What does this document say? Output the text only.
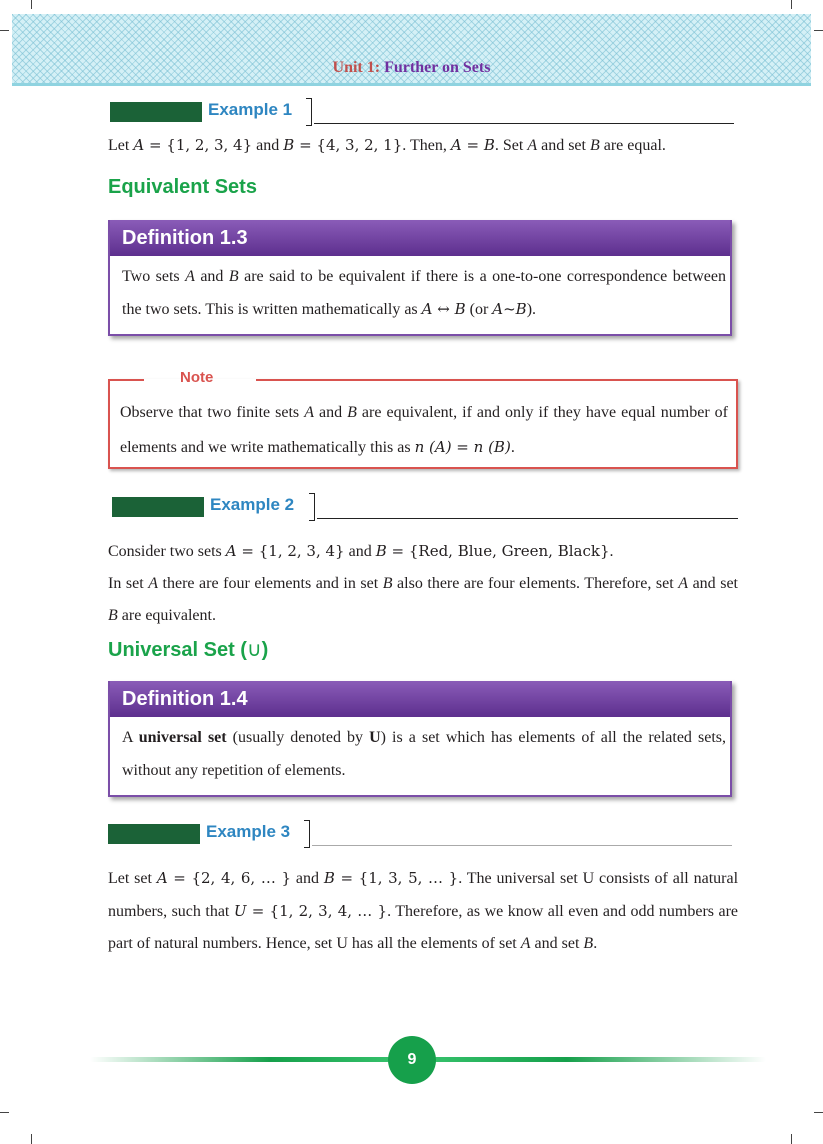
Unit 1: Further on Sets
Example 1
Let A = {1, 2, 3, 4} and B = {4, 3, 2, 1}. Then, A = B. Set A and set B are equal.
Equivalent Sets
Definition 1.3
Two sets A and B are said to be equivalent if there is a one-to-one correspondence between the two sets. This is written mathematically as A ↔ B (or A~B).
Note
Observe that two finite sets A and B are equivalent, if and only if they have equal number of elements and we write mathematically this as n (A) = n (B).
Example 2
Consider two sets A = {1, 2, 3, 4} and B = {Red, Blue, Green, Black}.
In set A there are four elements and in set B also there are four elements. Therefore, set A and set B are equivalent.
Universal Set (∪)
Definition 1.4
A universal set (usually denoted by U) is a set which has elements of all the related sets, without any repetition of elements.
Example 3
Let set A = {2, 4, 6, … } and B = {1, 3, 5, … }. The universal set U consists of all natural numbers, such that U = {1, 2, 3, 4, … }. Therefore, as we know all even and odd numbers are part of natural numbers. Hence, set U has all the elements of set A and set B.
9
